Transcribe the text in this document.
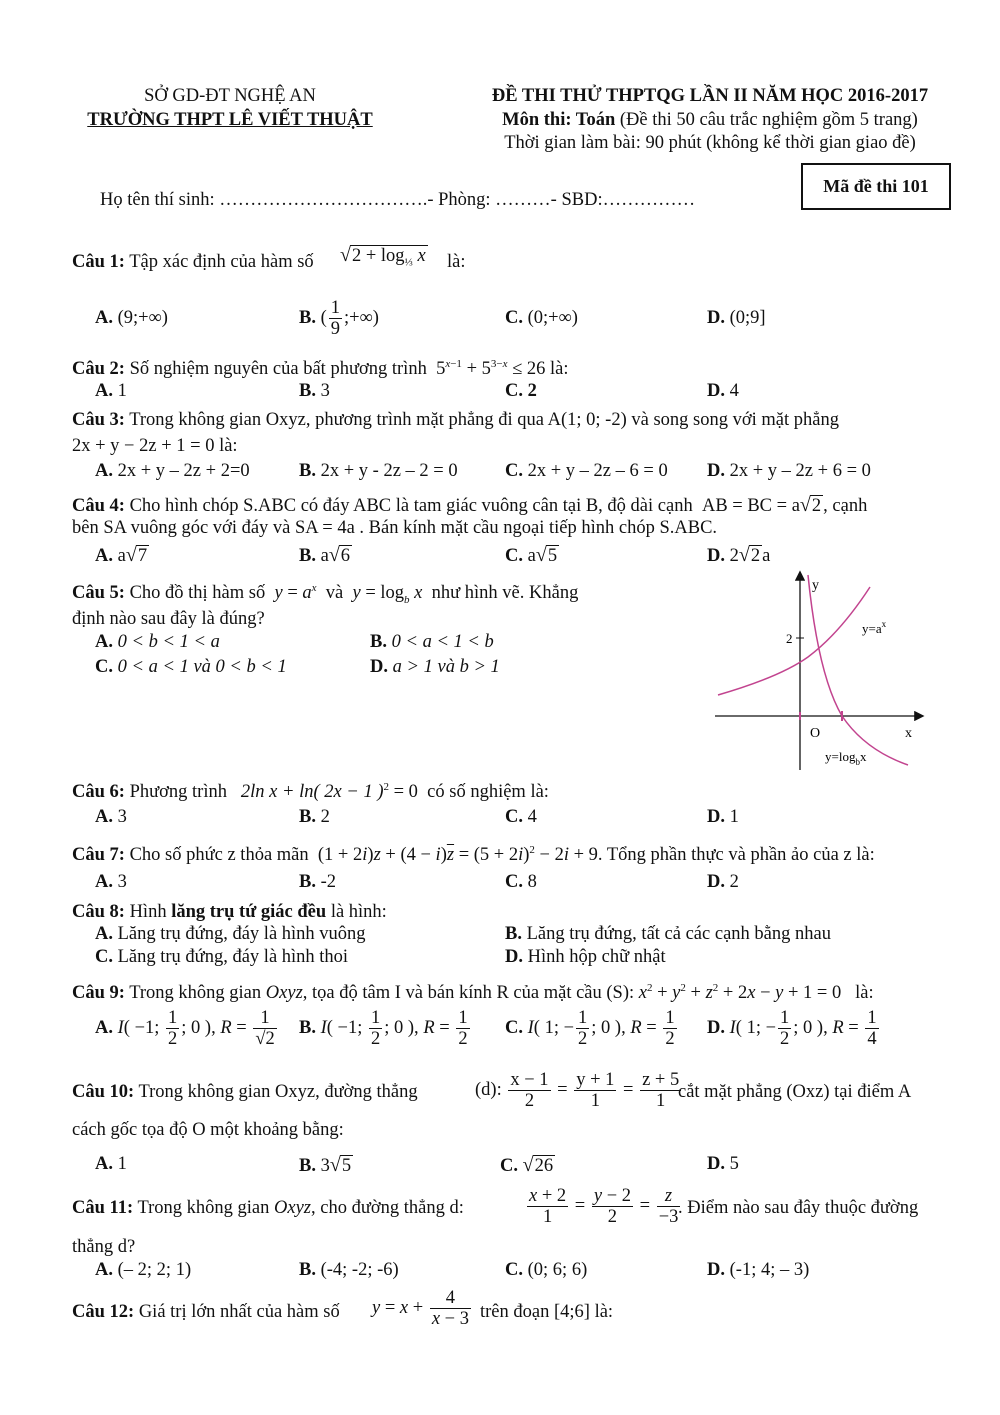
SỞ GD-ĐT NGHỆ AN
TRƯỜNG THPT LÊ VIẾT THUẬT
ĐỀ THI THỬ THPTQG LẦN II NĂM HỌC 2016-2017
Môn thi: Toán (Đề thi 50 câu trắc nghiệm gồm 5 trang)
Thời gian làm bài: 90 phút (không kể thời gian giao đề)
Mã đề thi 101
Họ tên thí sinh: …………………………….- Phòng: ………- SBD:……………
Câu 1: Tập xác định của hàm số $√2 + \log_{\frac{1}{3}} x$ là:
A. (9;+∞)	B. ( $\frac{1}{9}$ ;+∞)	C. (0;+∞)	D. (0;9]
Câu 2: Số nghiệm nguyên của bất phương trình  $5^{x-1} + 5^{3-x} \le 26$ là:
A. 1	B. 3	C. 2	D. 4
Câu 3: Trong không gian Oxyz, phương trình mặt phẳng đi qua A(1; 0; -2) và song song với mặt phẳng
2x + y − 2z + 1 = 0 là:
A. 2x + y – 2z + 2=0	B. 2x + y - 2z – 2 = 0	C. 2x + y – 2z – 6 = 0 D. 2x + y – 2z + 6 = 0
Câu 4: Cho hình chóp S.ABC có đáy ABC là tam giác vuông cân tại B, độ dài cạnh  AB = BC = a√2 , cạnh
bên SA vuông góc với đáy và SA = 4a . Bán kính mặt cầu ngoại tiếp hình chóp S.ABC.
A. a√7	B. a√6	C. a√5	D. 2√2 a
Câu 5: Cho đồ thị hàm số $y = a^x$ và $y = \log_b x$ như hình vẽ. Khẳng
định nào sau đây là đúng?
A. 0 < b < 1 < a	B. 0 < a < 1 < b
C. 0 < a < 1 và 0 < b < 1	D. a > 1 và b > 1
y
x
O
2
$y=a^x$
$y=\log_bx$
Câu 6: Phương trình 2ln x + ln( 2x − 1 )$^2$ = 0  có số nghiệm là:
A. 3	B. 2	C. 4	D. 1
Câu 7: Cho số phức z thỏa mãn  $(1 + 2i)z + (4 - i)\overline{z} = (5 + 2i)^2 - 2i + 9$. Tổng phần thực và phần ảo của z là:
A. 3	B. -2	C. 8	D. 2
Câu 8: Hình lăng trụ tứ giác đều là hình:
A. Lăng trụ đứng, đáy là hình vuông	B. Lăng trụ đứng, tất cả các cạnh bằng nhau
C. Lăng trụ đứng, đáy là hình thoi	D. Hình hộp chữ nhật
Câu 9: Trong không gian Oxyz, tọa độ tâm I và bán kính R của mặt cầu (S): $x^2 + y^2 + z^2 + 2x - y + 1 = 0$   là:
A. I( −1; $\frac{1}{2}$ ; 0 ), $R = \frac{1}{√2} B$. I( −1; $\frac{1}{2}$ ; 0 ), $R = \frac{1}{2} C$. I( 1; − $\frac{1}{2}$ ; 0 ), $R = \frac{1}{2} D$. I( 1; − $\frac{1}{2}$ ; 0 ), $R = \frac{1}{4}$
Câu 10: Trong không gian Oxyz, đường thẳng	(d): $\frac{x - 1}{2} = \frac{y + 1}{1} = \frac{z + 5}{1}$
cắt mặt phẳng (Oxz) tại điểm A
cách gốc tọa độ O một khoảng bằng:
A. 1	B. 3√5	C. √26	D. 5
Câu 11: Trong không gian Oxyz, cho đường thẳng d:	$\frac{x + 2}{1} = \frac{y - 2}{2} = \frac{z}{-3}$
. Điểm nào sau đây thuộc đường
thẳng d?
A. (– 2; 2; 1)	B. (-4; -2; -6)	C. (0; 6; 6)	D. (-1; 4; – 3)
Câu 12: Giá trị lớn nhất của hàm số $y = x + \frac{4}{x - 3}$ trên đoạn [4;6] là:
